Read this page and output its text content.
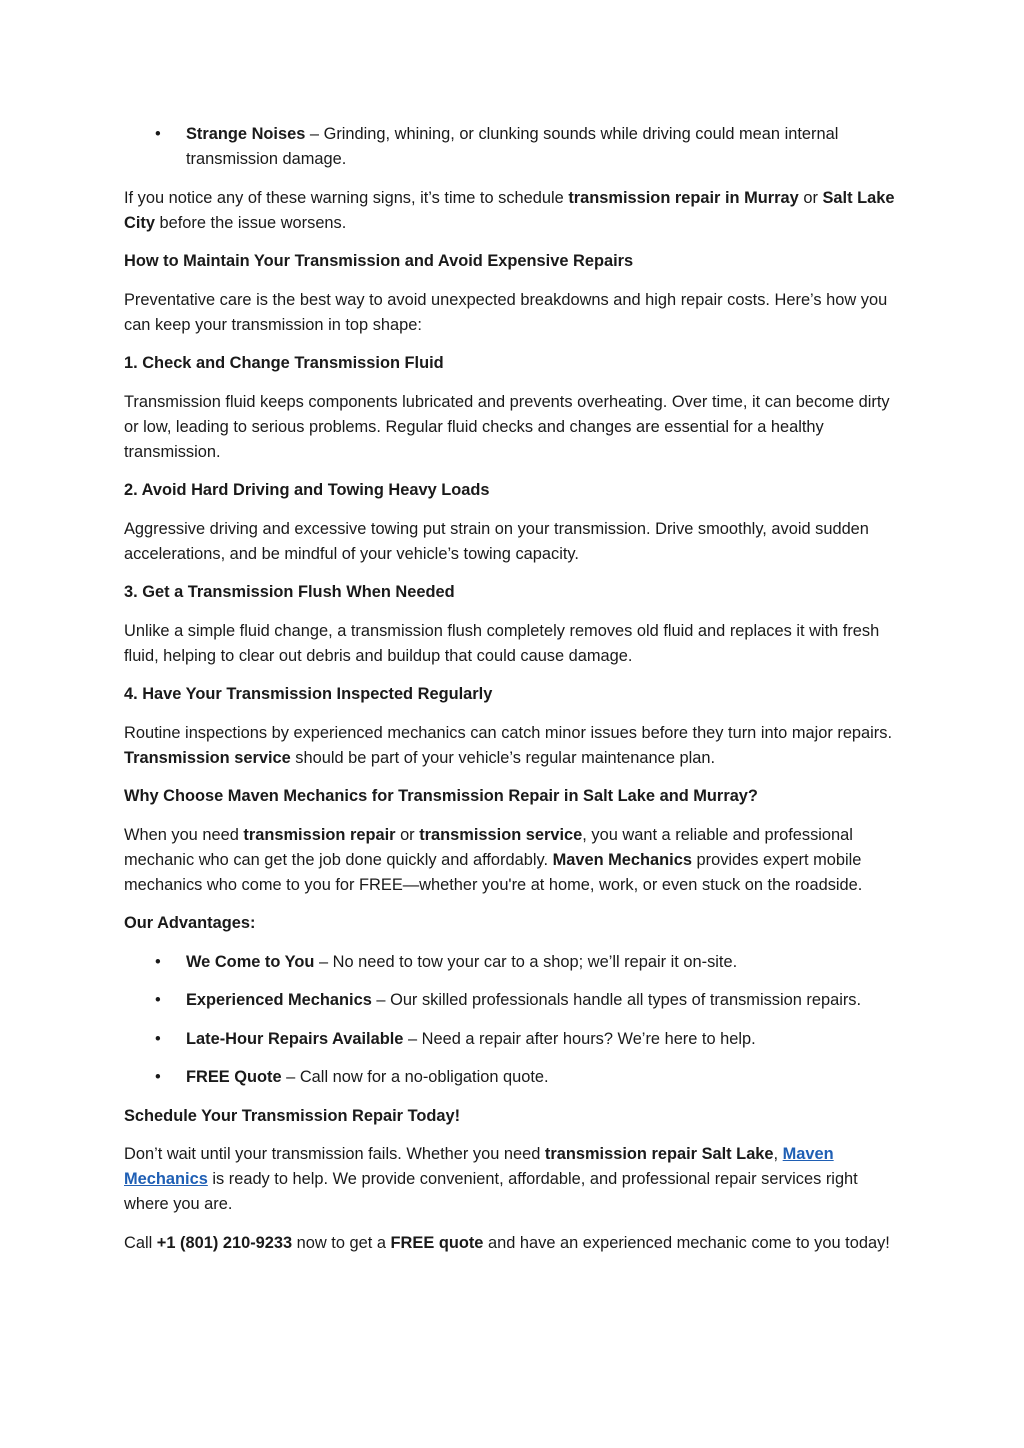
• Strange Noises – Grinding, whining, or clunking sounds while driving could mean internal transmission damage.

If you notice any of these warning signs, it’s time to schedule transmission repair in Murray or Salt Lake City before the issue worsens.

How to Maintain Your Transmission and Avoid Expensive Repairs

Preventative care is the best way to avoid unexpected breakdowns and high repair costs. Here’s how you can keep your transmission in top shape:

1. Check and Change Transmission Fluid

Transmission fluid keeps components lubricated and prevents overheating. Over time, it can become dirty or low, leading to serious problems. Regular fluid checks and changes are essential for a healthy transmission.

2. Avoid Hard Driving and Towing Heavy Loads

Aggressive driving and excessive towing put strain on your transmission. Drive smoothly, avoid sudden accelerations, and be mindful of your vehicle’s towing capacity.

3. Get a Transmission Flush When Needed

Unlike a simple fluid change, a transmission flush completely removes old fluid and replaces it with fresh fluid, helping to clear out debris and buildup that could cause damage.

4. Have Your Transmission Inspected Regularly

Routine inspections by experienced mechanics can catch minor issues before they turn into major repairs. Transmission service should be part of your vehicle’s regular maintenance plan.

Why Choose Maven Mechanics for Transmission Repair in Salt Lake and Murray?

When you need transmission repair or transmission service, you want a reliable and professional mechanic who can get the job done quickly and affordably. Maven Mechanics provides expert mobile mechanics who come to you for FREE—whether you're at home, work, or even stuck on the roadside.

Our Advantages:
• We Come to You – No need to tow your car to a shop; we’ll repair it on-site.
• Experienced Mechanics – Our skilled professionals handle all types of transmission repairs.
• Late-Hour Repairs Available – Need a repair after hours? We’re here to help.
• FREE Quote – Call now for a no-obligation quote.
Schedule Your Transmission Repair Today!

Don’t wait until your transmission fails. Whether you need transmission repair Salt Lake, Maven Mechanics is ready to help. We provide convenient, affordable, and professional repair services right where you are.

Call +1 (801) 210-9233 now to get a FREE quote and have an experienced mechanic come to you today!
